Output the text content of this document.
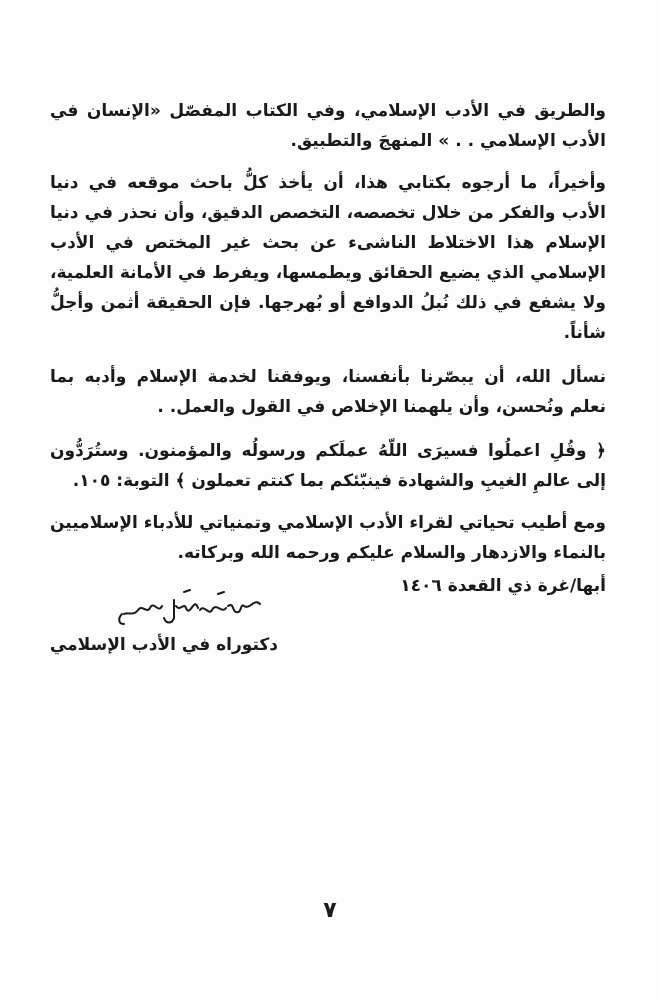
والطريق في الأدب الإسلامي، وفي الكتاب المفصّل «الإنسان في الأدب الإسلامي . . » المنهجَ والتطبيق.

وأخيراً، ما أرجوه بكتابي هذا، أن يأخذ كلُّ باحث موقعه في دنيا الأدب والفكر من خلال تخصصه، التخصص الدقيق، وأن نحذر في دنيا الإسلام هذا الاختلاط الناشىء عن بحث غير المختص في الأدب الإسلامي الذي يضيع الحقائق ويطمسها، ويفرط في الأمانة العلمية، ولا يشفع في ذلك نُبلُ الدوافع أو بُهرجها. فإن الحقيقة أثمن وأجلُّ شأناً.

نسأل الله، أن يبصّرنا بأنفسنا، ويوفقنا لخدمة الإسلام وأدبه بما نعلم ونُحسن، وأن يلهمنا الإخلاص في القول والعمل. .

﴿ وقُلِ اعملُوا فسيرَى اللّهُ عملَكم ورسولُه والمؤمنون. وستُرَدُّون إلى عالمِ الغيبِ والشهادة فينبّئكم بما كنتم تعملون ﴾ التوبة: ١٠٥.

ومع أطيب تحياتي لقراء الأدب الإسلامي وتمنياتي للأدباء الإسلاميين بالنماء والازدهار والسلام عليكم ورحمه الله وبركاته.

أبها/غرة ذي القعدة ١٤٠٦
دكتوراه في الأدب الإسلامي
٧
